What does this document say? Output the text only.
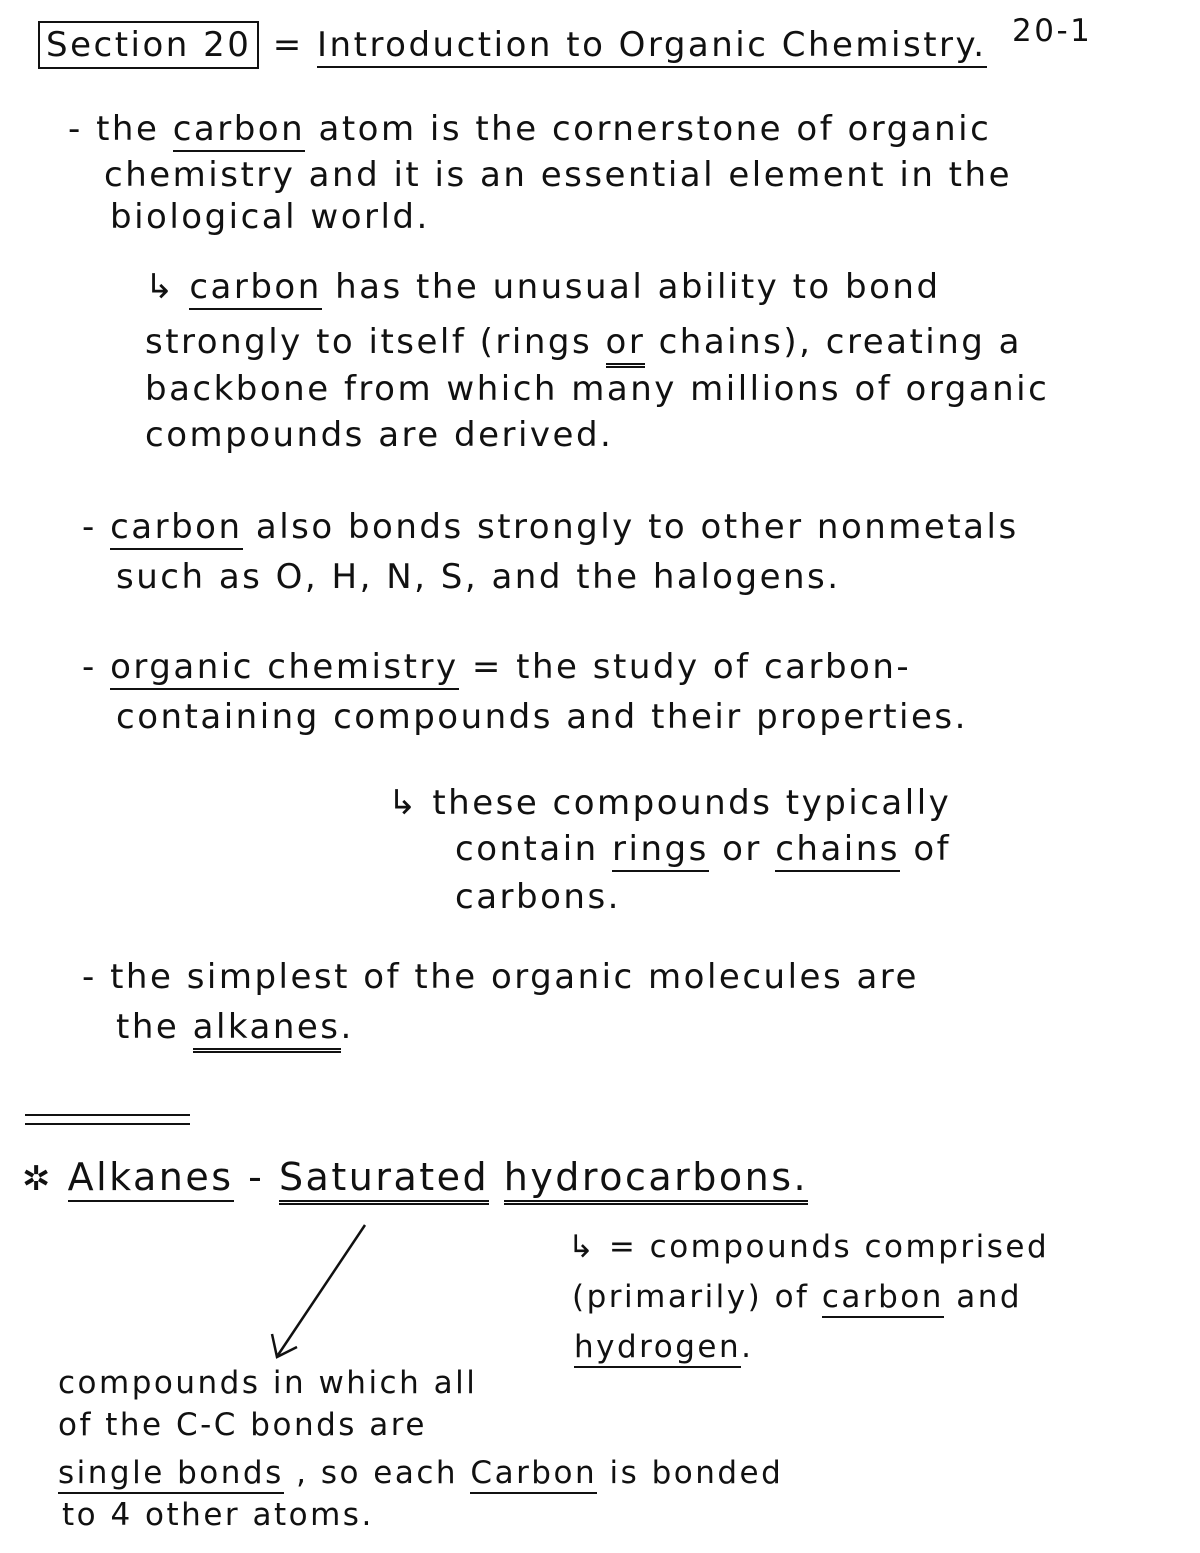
20-1
Section 20 = Introduction to Organic Chemistry.
- the carbon atom is the cornerstone of organic
chemistry and it is an essential element in the
biological world.
↳ carbon has the unusual ability to bond
strongly to itself (rings or chains), creating a
backbone from which many millions of organic
compounds are derived.
- carbon also bonds strongly to other nonmetals
such as O, H, N, S, and the halogens.
- organic chemistry = the study of carbon-
containing compounds and their properties.
↳ these compounds typically
contain rings or chains of
carbons.
- the simplest of the organic molecules are
the alkanes.
✲ Alkanes - Saturated hydrocarbons.
↳ = compounds comprised
(primarily) of carbon and
hydrogen.
compounds in which all
of the C-C bonds are
single bonds , so each Carbon is bonded
to 4 other atoms.
